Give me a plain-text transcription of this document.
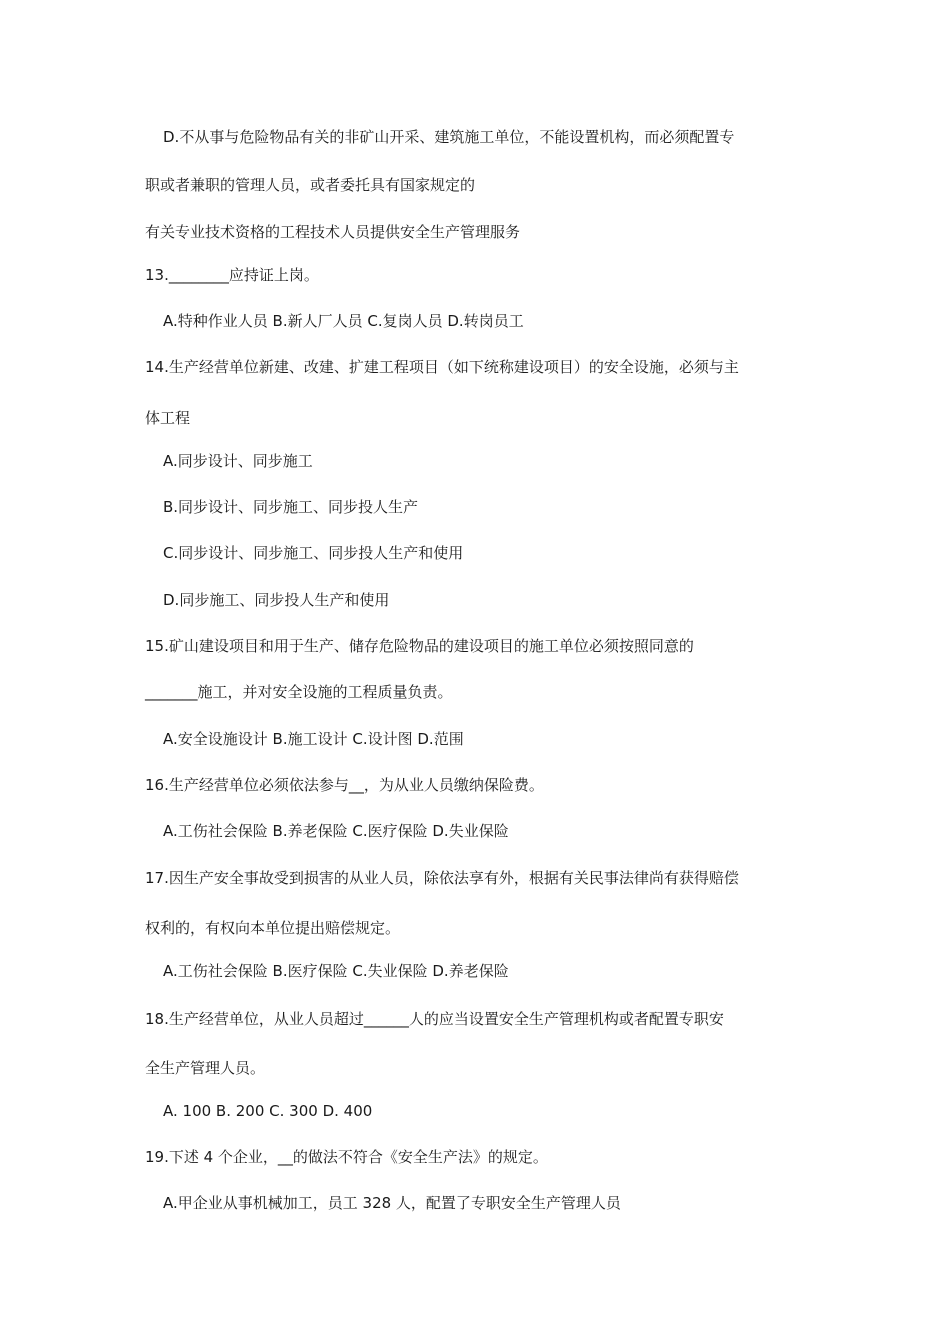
D.不从事与危险物品有关的非矿山开采、建筑施工单位，不能设置机构，而必须配置专
职或者兼职的管理人员，或者委托具有国家规定的
有关专业技术资格的工程技术人员提供安全生产管理服务
13.________应持证上岗。
A.特种作业人员 B.新人厂人员 C.复岗人员 D.转岗员工
14.生产经营单位新建、改建、扩建工程项目（如下统称建设项目）的安全设施，必须与主
体工程
A.同步设计、同步施工
B.同步设计、同步施工、同步投人生产
C.同步设计、同步施工、同步投人生产和使用
D.同步施工、同步投人生产和使用
15.矿山建设项目和用于生产、储存危险物品的建设项目的施工单位必须按照同意的
_______施工，并对安全设施的工程质量负责。
A.安全设施设计 B.施工设计 C.设计图 D.范围
16.生产经营单位必须依法参与__，为从业人员缴纳保险费。
A.工伤社会保险 B.养老保险 C.医疗保险 D.失业保险
17.因生产安全事故受到损害的从业人员，除依法享有外，根据有关民事法律尚有获得赔偿
权利的，有权向本单位提出赔偿规定。
A.工伤社会保险 B.医疗保险 C.失业保险 D.养老保险
18.生产经营单位，从业人员超过______人的应当设置安全生产管理机构或者配置专职安
全生产管理人员。
A. 100 B. 200 C. 300 D. 400
19.下述 4 个企业，__的做法不符合《安全生产法》的规定。
A.甲企业从事机械加工，员工 328 人，配置了专职安全生产管理人员
